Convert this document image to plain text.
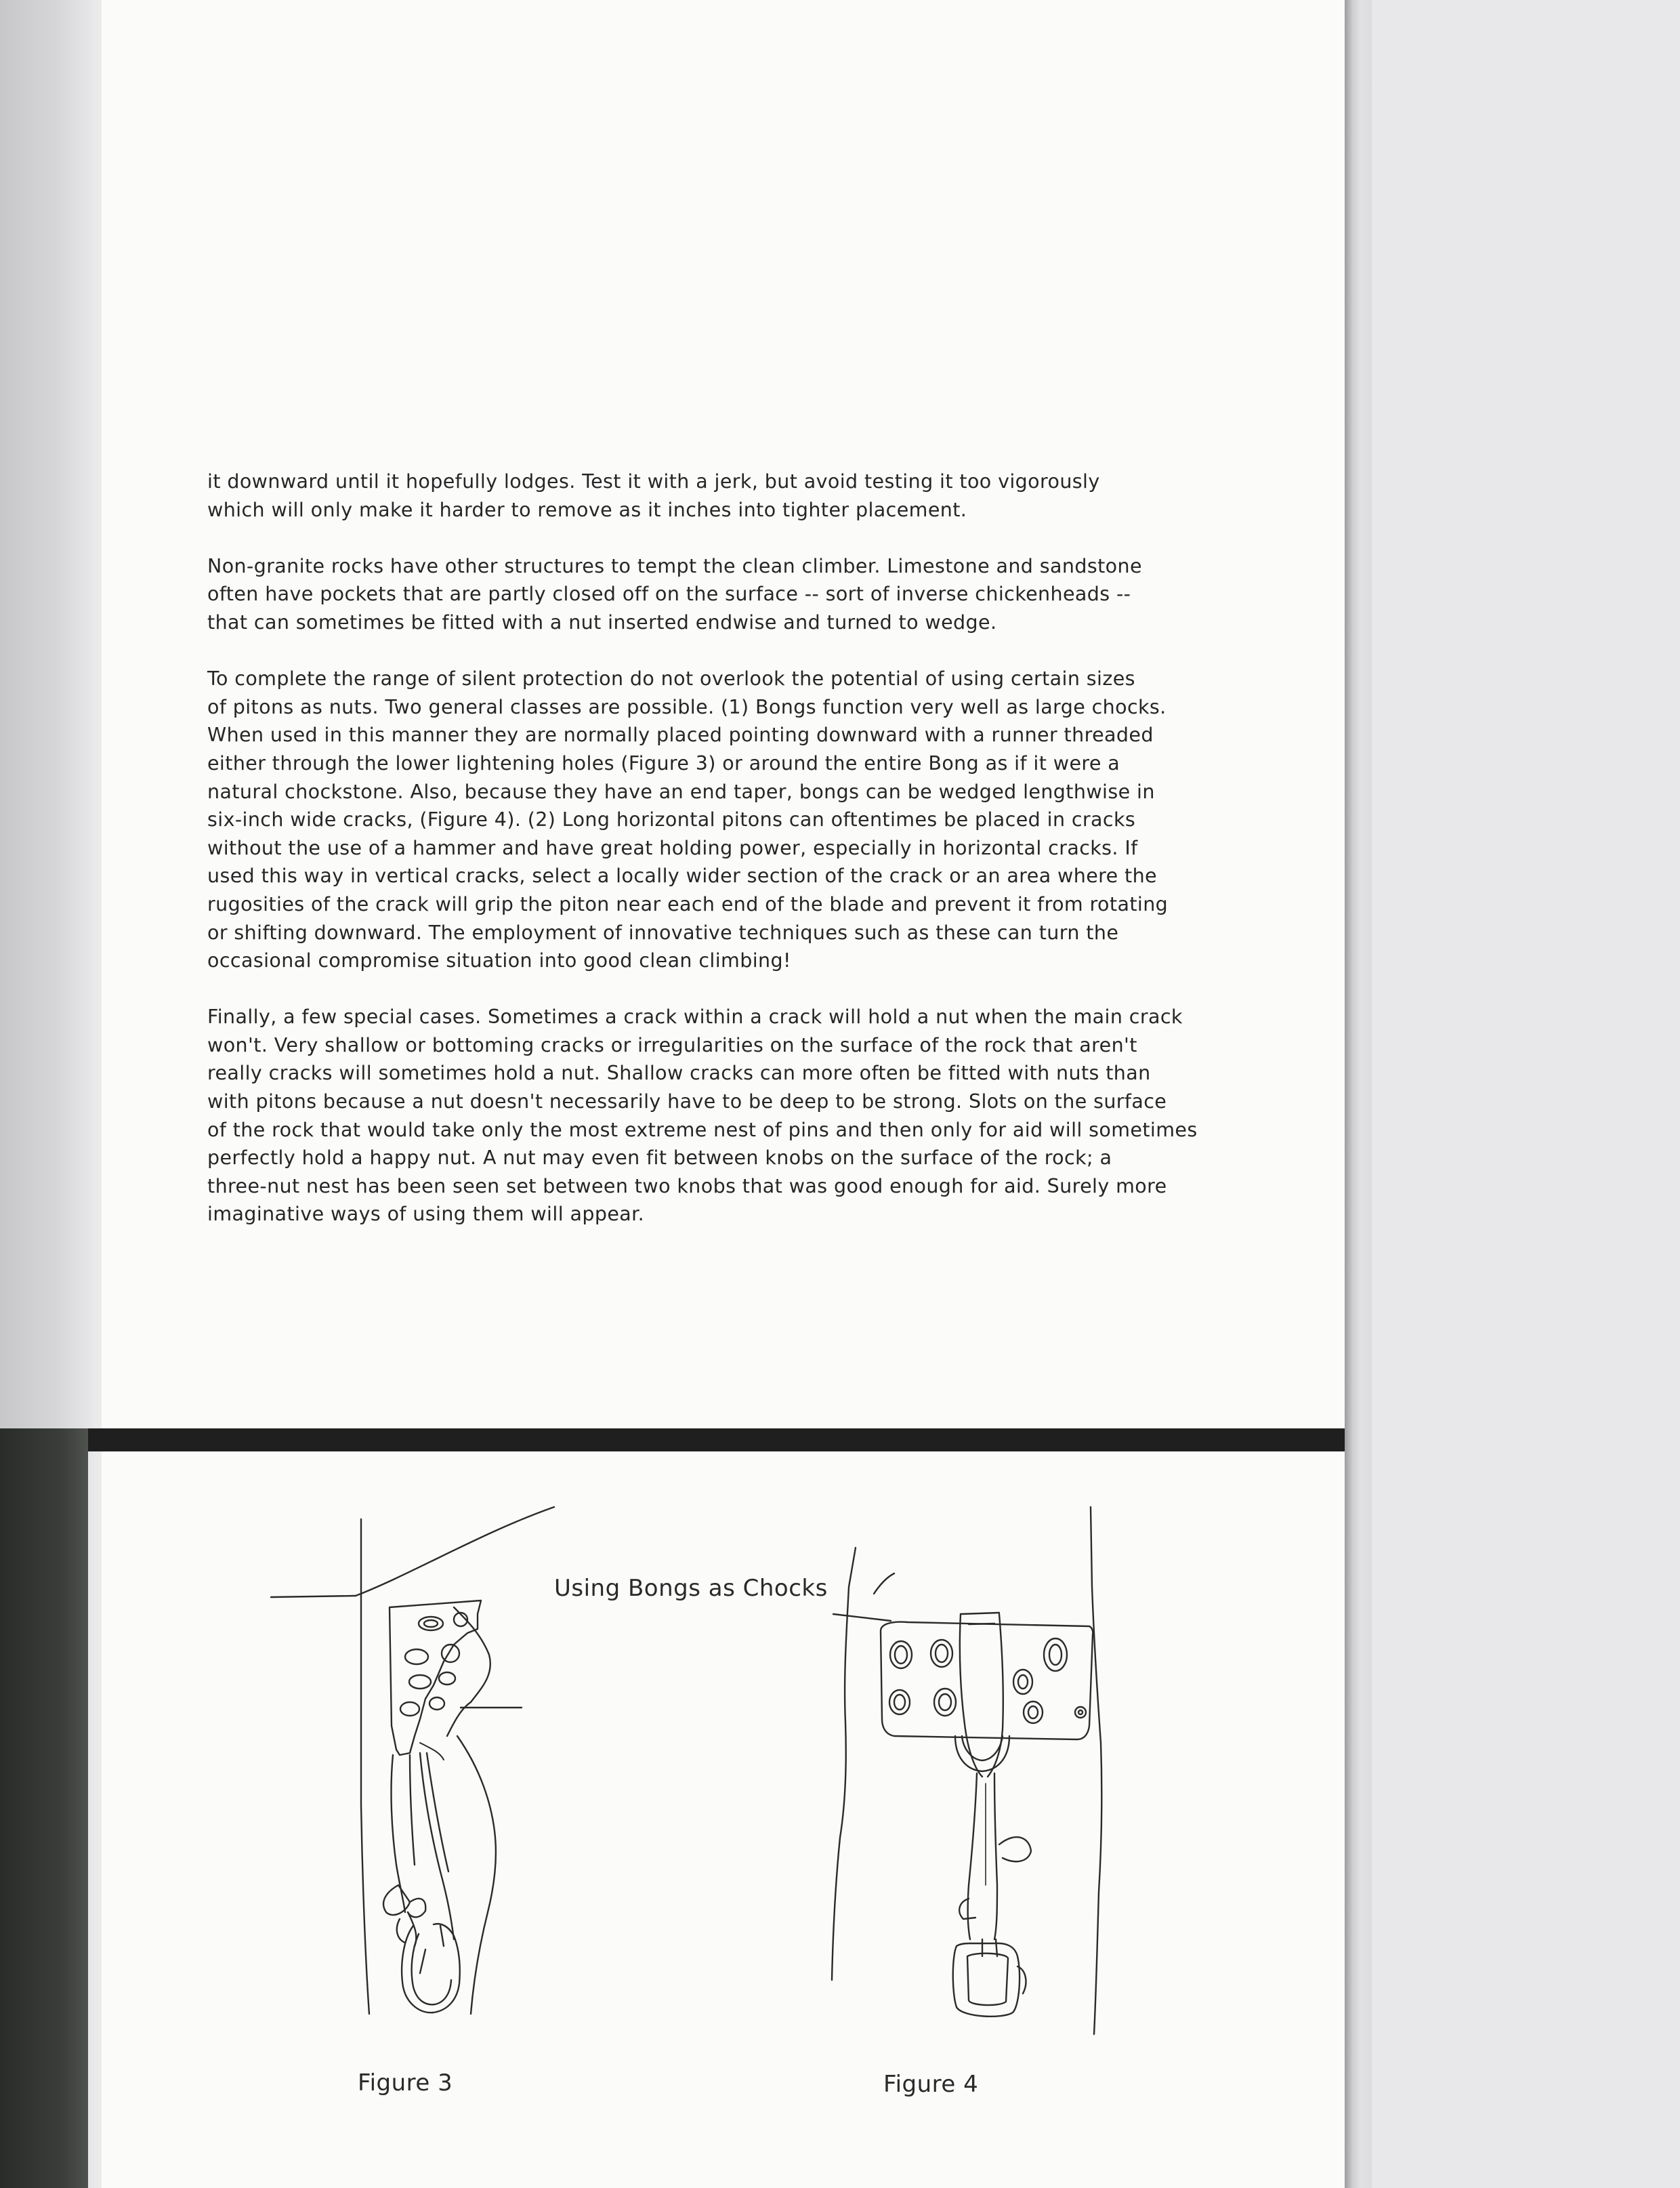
it downward until it hopefully lodges. Test it with a jerk, but avoid testing it too vigorously
which will only make it harder to remove as it inches into tighter placement.

Non-granite rocks have other structures to tempt the clean climber. Limestone and sandstone
often have pockets that are partly closed off on the surface -- sort of inverse chickenheads --
that can sometimes be fitted with a nut inserted endwise and turned to wedge.

To complete the range of silent protection do not overlook the potential of using certain sizes
of pitons as nuts. Two general classes are possible. (1) Bongs function very well as large chocks.
When used in this manner they are normally placed pointing downward with a runner threaded
either through the lower lightening holes (Figure 3) or around the entire Bong as if it were a
natural chockstone. Also, because they have an end taper, bongs can be wedged lengthwise in
six-inch wide cracks, (Figure 4). (2) Long horizontal pitons can oftentimes be placed in cracks
without the use of a hammer and have great holding power, especially in horizontal cracks. If
used this way in vertical cracks, select a locally wider section of the crack or an area where the
rugosities of the crack will grip the piton near each end of the blade and prevent it from rotating
or shifting downward. The employment of innovative techniques such as these can turn the
occasional compromise situation into good clean climbing!

Finally, a few special cases. Sometimes a crack within a crack will hold a nut when the main crack
won't. Very shallow or bottoming cracks or irregularities on the surface of the rock that aren't
really cracks will sometimes hold a nut. Shallow cracks can more often be fitted with nuts than
with pitons because a nut doesn't necessarily have to be deep to be strong. Slots on the surface
of the rock that would take only the most extreme nest of pins and then only for aid will sometimes
perfectly hold a happy nut. A nut may even fit between knobs on the surface of the rock; a
three-nut nest has been seen set between two knobs that was good enough for aid. Surely more
imaginative ways of using them will appear.

Using Bongs as Chocks
Figure 3	Figure 4
